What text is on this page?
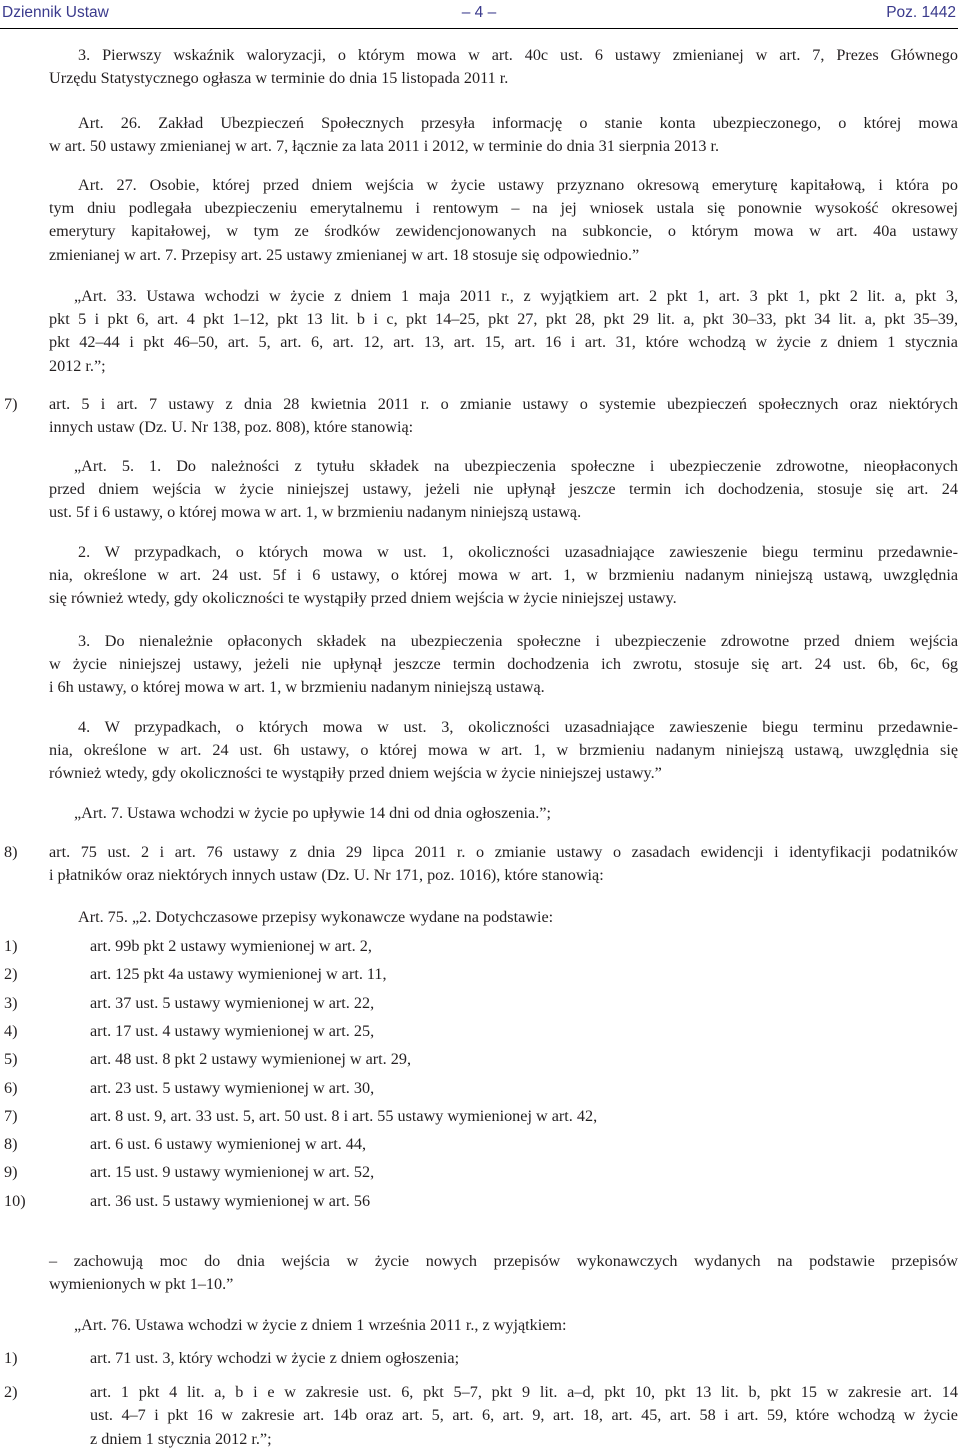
Dziennik Ustaw	– 4 –	Poz. 1442
3. Pierwszy wskaźnik waloryzacji, o którym mowa w art. 40c ust. 6 ustawy zmienianej w art. 7, Prezes Głównego
Urzędu Statystycznego ogłasza w terminie do dnia 15 listopada 2011 r.
Art. 26. Zakład Ubezpieczeń Społecznych przesyła informację o stanie konta ubezpieczonego, o której mowa
w art. 50 ustawy zmienianej w art. 7, łącznie za lata 2011 i 2012, w terminie do dnia 31 sierpnia 2013 r.
Art. 27. Osobie, której przed dniem wejścia w życie ustawy przyznano okresową emeryturę kapitałową, i która po
tym dniu podlegała ubezpieczeniu emerytalnemu i rentowym – na jej wniosek ustala się ponownie wysokość okresowej
emerytury kapitałowej, w tym ze środków zewidencjonowanych na subkoncie, o którym mowa w art. 40a ustawy
zmienianej w art. 7. Przepisy art. 25 ustawy zmienianej w art. 18 stosuje się odpowiednio.”
„Art. 33. Ustawa wchodzi w życie z dniem 1 maja 2011 r., z wyjątkiem art. 2 pkt 1, art. 3 pkt 1, pkt 2 lit. a, pkt 3,
pkt 5 i pkt 6, art. 4 pkt 1–12, pkt 13 lit. b i c, pkt 14–25, pkt 27, pkt 28, pkt 29 lit. a, pkt 30–33, pkt 34 lit. a, pkt 35–39,
pkt 42–44 i pkt 46–50, art. 5, art. 6, art. 12, art. 13, art. 15, art. 16 i art. 31, które wchodzą w życie z dniem 1 stycznia
2012 r.”;
7) art. 5 i art. 7 ustawy z dnia 28 kwietnia 2011 r. o zmianie ustawy o systemie ubezpieczeń społecznych oraz niektórych
innych ustaw (Dz. U. Nr 138, poz. 808), które stanowią:
„Art. 5. 1. Do należności z tytułu składek na ubezpieczenia społeczne i ubezpieczenie zdrowotne, nieopłaconych
przed dniem wejścia w życie niniejszej ustawy, jeżeli nie upłynął jeszcze termin ich dochodzenia, stosuje się art. 24
ust. 5f i 6 ustawy, o której mowa w art. 1, w brzmieniu nadanym niniejszą ustawą.
2. W przypadkach, o których mowa w ust. 1, okoliczności uzasadniające zawieszenie biegu terminu przedawnie-
nia, określone w art. 24 ust. 5f i 6 ustawy, o której mowa w art. 1, w brzmieniu nadanym niniejszą ustawą, uwzględnia
się również wtedy, gdy okoliczności te wystąpiły przed dniem wejścia w życie niniejszej ustawy.
3. Do nienależnie opłaconych składek na ubezpieczenia społeczne i ubezpieczenie zdrowotne przed dniem wejścia
w życie niniejszej ustawy, jeżeli nie upłynął jeszcze termin dochodzenia ich zwrotu, stosuje się art. 24 ust. 6b, 6c, 6g
i 6h ustawy, o której mowa w art. 1, w brzmieniu nadanym niniejszą ustawą.
4. W przypadkach, o których mowa w ust. 3, okoliczności uzasadniające zawieszenie biegu terminu przedawnie-
nia, określone w art. 24 ust. 6h ustawy, o której mowa w art. 1, w brzmieniu nadanym niniejszą ustawą, uwzględnia się
również wtedy, gdy okoliczności te wystąpiły przed dniem wejścia w życie niniejszej ustawy.”
„Art. 7. Ustawa wchodzi w życie po upływie 14 dni od dnia ogłoszenia.”;
8) art. 75 ust. 2 i art. 76 ustawy z dnia 29 lipca 2011 r. o zmianie ustawy o zasadach ewidencji i identyfikacji podatników
i płatników oraz niektórych innych ustaw (Dz. U. Nr 171, poz. 1016), które stanowią:
Art. 75. „2. Dotychczasowe przepisy wykonawcze wydane na podstawie:
1)	art. 99b pkt 2 ustawy wymienionej w art. 2,
2)	art. 125 pkt 4a ustawy wymienionej w art. 11,
3)	art. 37 ust. 5 ustawy wymienionej w art. 22,
4)	art. 17 ust. 4 ustawy wymienionej w art. 25,
5)	art. 48 ust. 8 pkt 2 ustawy wymienionej w art. 29,
6)	art. 23 ust. 5 ustawy wymienionej w art. 30,
7)	art. 8 ust. 9, art. 33 ust. 5, art. 50 ust. 8 i art. 55 ustawy wymienionej w art. 42,
8)	art. 6 ust. 6 ustawy wymienionej w art. 44,
9)	art. 15 ust. 9 ustawy wymienionej w art. 52,
10)	art. 36 ust. 5 ustawy wymienionej w art. 56
– zachowują moc do dnia wejścia w życie nowych przepisów wykonawczych wydanych na podstawie przepisów
wymienionych w pkt 1–10.”
„Art. 76. Ustawa wchodzi w życie z dniem 1 września 2011 r., z wyjątkiem:
1)	art. 71 ust. 3, który wchodzi w życie z dniem ogłoszenia;
2)	art. 1 pkt 4 lit. a, b i e w zakresie ust. 6, pkt 5–7, pkt 9 lit. a–d, pkt 10, pkt 13 lit. b, pkt 15 w zakresie art. 14
ust. 4–7 i pkt 16 w zakresie art. 14b oraz art. 5, art. 6, art. 9, art. 18, art. 45, art. 58 i art. 59, które wchodzą w życie
z dniem 1 stycznia 2012 r.”;
